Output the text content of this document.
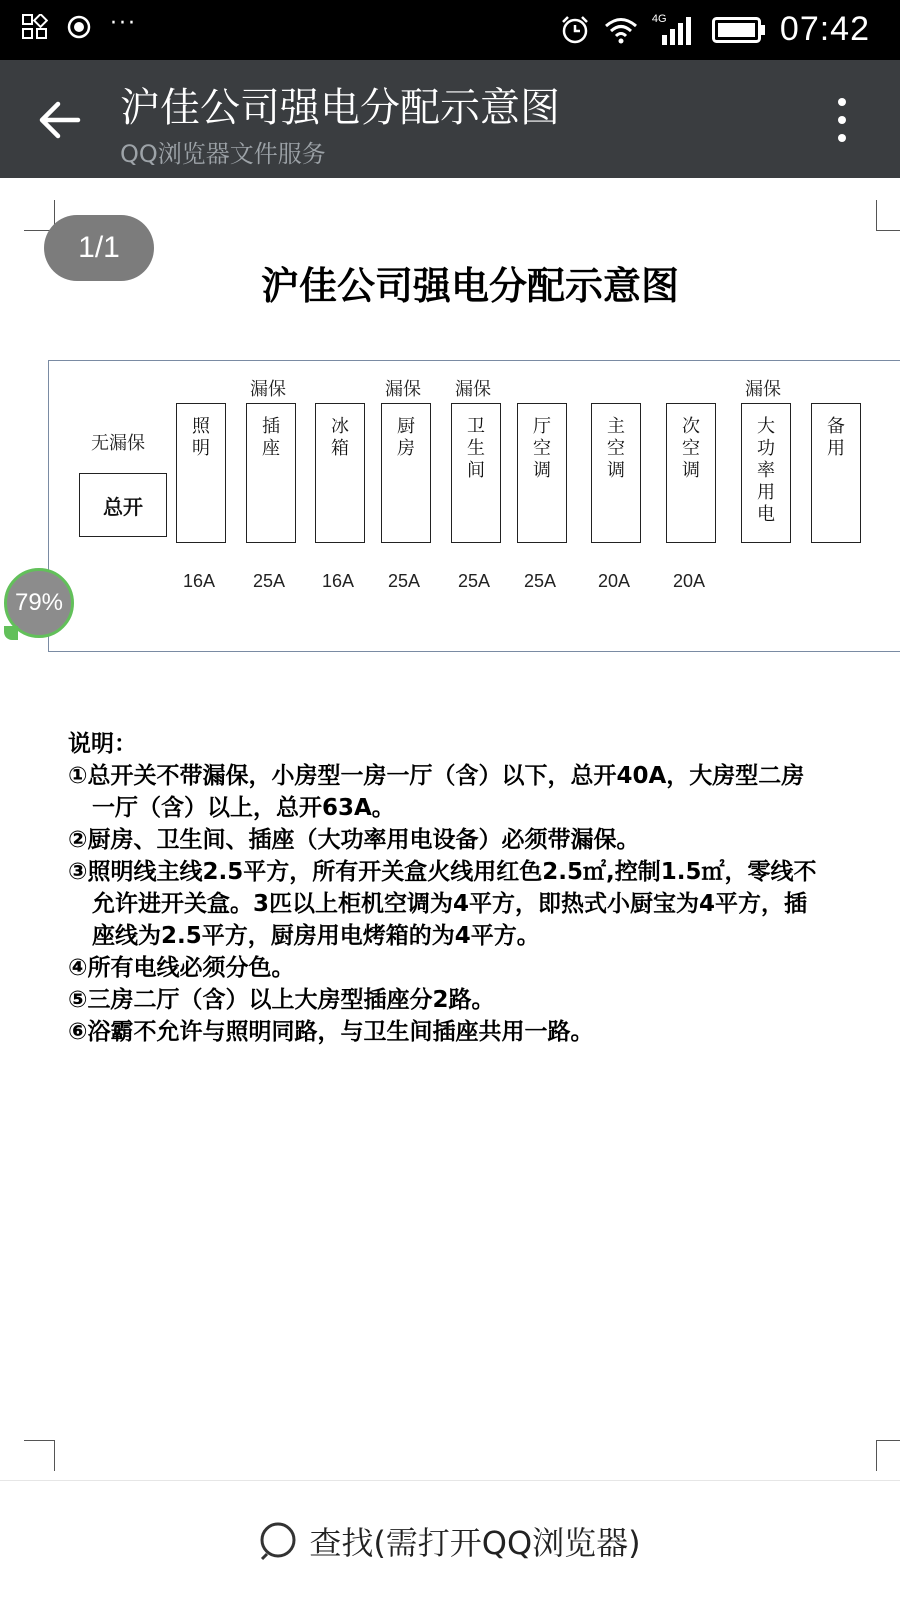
···	4G	07:42
沪佳公司强电分配示意图
QQ浏览器文件服务
1/1
沪佳公司强电分配示意图
无漏保
总开
照
明
16A
漏保
插
座
25A
冰
箱
16A
漏保
厨
房
25A
漏保
卫
生
间
25A
厅
空
调
25A
主
空
调
20A
次
空
调
20A
漏保
大
功
率
用
电
备
用
79%
说明：
①总开关不带漏保，小房型一房一厅（含）以下，总开40A，大房型二房
一厅（含）以上，总开63A。
②厨房、卫生间、插座（大功率用电设备）必须带漏保。
③照明线主线2.5平方，所有开关盒火线用红色2.5㎡,控制1.5㎡，零线不
允许进开关盒。3匹以上柜机空调为4平方，即热式小厨宝为4平方，插
座线为2.5平方，厨房用电烤箱的为4平方。
④所有电线必须分色。
⑤三房二厅（含）以上大房型插座分2路。
⑥浴霸不允许与照明同路，与卫生间插座共用一路。
查找(需打开QQ浏览器)
